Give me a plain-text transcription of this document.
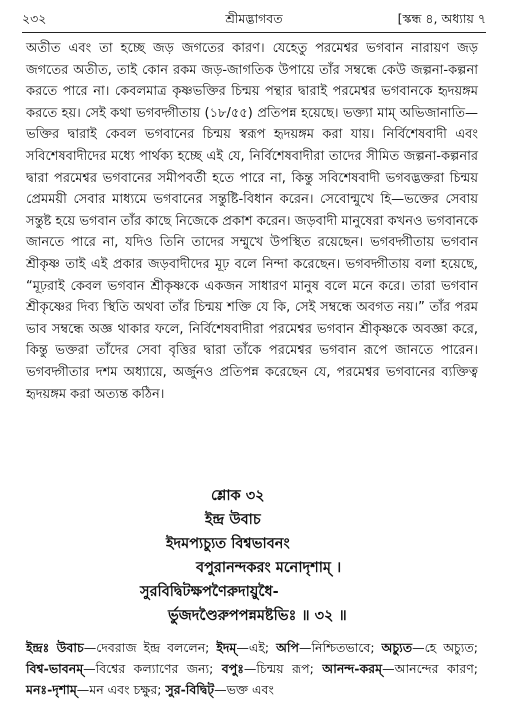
২৩২	শ্রীমদ্ভাগবত	[স্কন্ধ ৪, অধ্যায় ৭

অতীত এবং তা হচ্ছে জড় জগতের কারণ। যেহেতু পরমেশ্বর ভগবান নারায়ণ জড় জগতের অতীত, তাই কোন রকম জড়-জাগতিক উপায়ে তাঁর সম্বন্ধে কেউ জল্পনা-কল্পনা করতে পারে না। কেবলমাত্র কৃষ্ণভক্তির চিন্ময় পন্থার দ্বারাই পরমেশ্বর ভগবানকে হৃদয়ঙ্গম করতে হয়। সেই কথা ভগবদ্গীতায় (১৮/৫৫) প্রতিপন্ন হয়েছে। ভক্ত্যা মাম্ অভিজানাতি—ভক্তির দ্বারাই কেবল ভগবানের চিন্ময় স্বরূপ হৃদয়ঙ্গম করা যায়। নির্বিশেষবাদী এবং সবিশেষবাদীদের মধ্যে পার্থক্য হচ্ছে এই যে, নির্বিশেষবাদীরা তাদের সীমিত জল্পনা-কল্পনার দ্বারা পরমেশ্বর ভগবানের সমীপবর্তী হতে পারে না, কিন্তু সবিশেষবাদী ভগবদ্ভক্তরা চিন্ময় প্রেমময়ী সেবার মাধ্যমে ভগবানের সন্তুষ্টি-বিধান করেন। সেবোন্মুখে হি—ভক্তের সেবায় সন্তুষ্ট হয়ে ভগবান তাঁর কাছে নিজেকে প্রকাশ করেন। জড়বাদী মানুষেরা কখনও ভগবানকে জানতে পারে না, যদিও তিনি তাদের সম্মুখে উপস্থিত রয়েছেন। ভগবদ্গীতায় ভগবান শ্রীকৃষ্ণ তাই এই প্রকার জড়বাদীদের মূঢ় বলে নিন্দা করেছেন। ভগবদ্গীতায় বলা হয়েছে, “মূঢ়রাই কেবল ভগবান শ্রীকৃষ্ণকে একজন সাধারণ মানুষ বলে মনে করে। তারা ভগবান শ্রীকৃষ্ণের দিব্য স্থিতি অথবা তাঁর চিন্ময় শক্তি যে কি, সেই সম্বন্ধে অবগত নয়।” তাঁর পরম ভাব সম্বন্ধে অজ্ঞ থাকার ফলে, নির্বিশেষবাদীরা পরমেশ্বর ভগবান শ্রীকৃষ্ণকে অবজ্ঞা করে, কিন্তু ভক্তরা তাঁদের সেবা বৃত্তির দ্বারা তাঁকে পরমেশ্বর ভগবান রূপে জানতে পারেন। ভগবদ্গীতার দশম অধ্যায়ে, অর্জুনও প্রতিপন্ন করেছেন যে, পরমেশ্বর ভগবানের ব্যক্তিত্ব হৃদয়ঙ্গম করা অত্যন্ত কঠিন।

শ্লোক ৩২
ইন্দ্র উবাচ
ইদমপ্যচ্যুত বিশ্বভাবনং
বপুরানন্দকরং মনোদৃশাম্ ।
সুরবিদ্বিটক্ষপণৈরুদায়ুধৈ-
র্ভুজদণ্ডৈরুপপন্নমষ্টভিঃ ॥ ৩২ ॥

ইন্দ্রঃ উবাচ—দেবরাজ ইন্দ্র বললেন; ইদম্—এই; অপি—নিশ্চিতভাবে; অচ্যুত—হে অচ্যুত; বিশ্ব-ভাবনম্—বিশ্বের কল্যাণের জন্য; বপুঃ—চিন্ময় রূপ; আনন্দ-করম্—আনন্দের কারণ; মনঃ-দৃশাম্—মন এবং চক্ষুর; সুর-বিদ্বিট্—ভক্ত এবং
